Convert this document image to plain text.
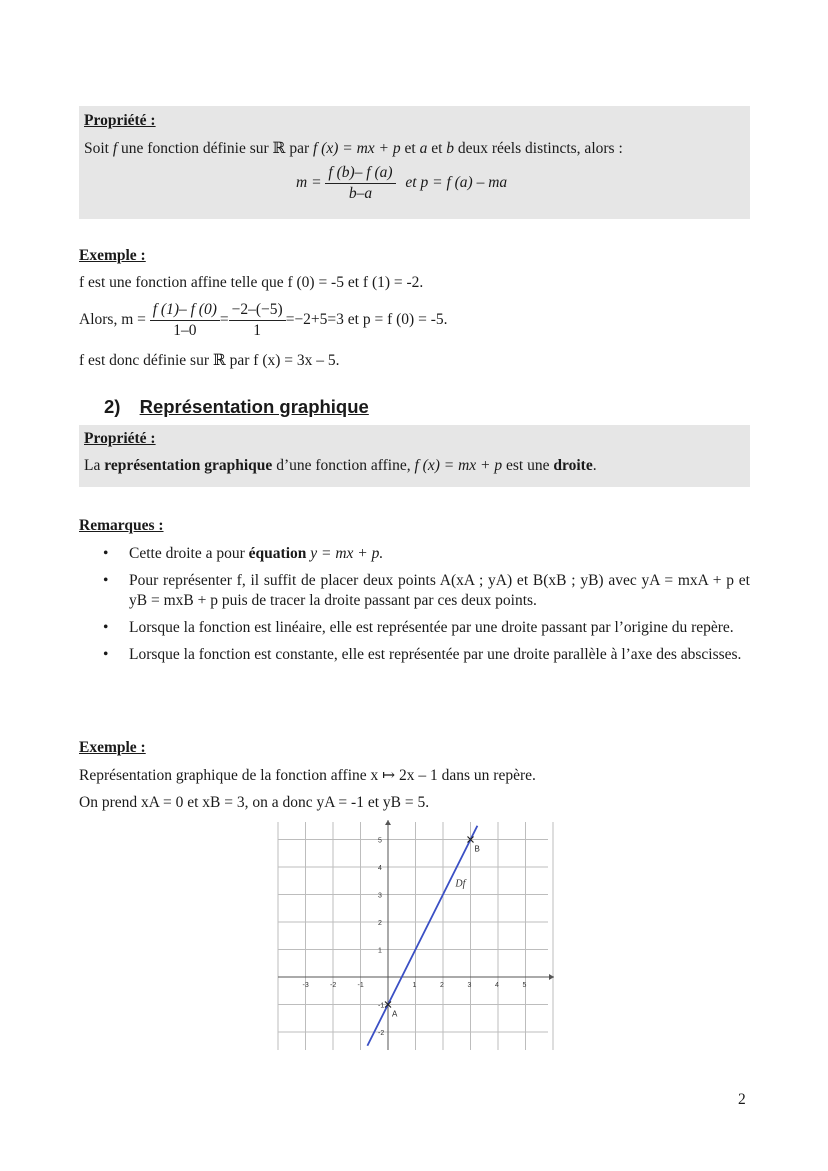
Propriété :
Soit f une fonction définie sur ℝ par f (x) = mx + p et a et b deux réels distincts, alors :
$m = \frac{f (b)- f (a)}{b-a}$ et p = f (a) – ma
Exemple :
f est une fonction affine telle que f (0) = -5 et f (1) = -2.
Alors, $m = \frac{f (1)- f (0)}{1-0} = \frac{-2-(-5)}{1} =-2+5=3$ et p = f (0) = -5.
f est donc définie sur ℝ par f (x) = 3x – 5.
2) Représentation graphique
Propriété :
La représentation graphique d’une fonction affine, f (x) = mx + p est une droite.
Remarques :
• Cette droite a pour équation y = mx + p.
• Pour représenter f, il suffit de placer deux points A(xA ; yA) et B(xB ; yB) avec yA = mxA + p et yB = mxB + p puis de tracer la droite passant par ces deux points.
• Lorsque la fonction est linéaire, elle est représentée par une droite passant par l’origine du repère.
• Lorsque la fonction est constante, elle est représentée par une droite parallèle à l’axe des abscisses.
Exemple :
Représentation graphique de la fonction affine x ↦ 2x – 1 dans un repère.
On prend xA = 0 et xB = 3, on a donc yA = -1 et yB = 5.
-3	-2	-1	1	2	3	4	5
5
4
3
2
1
-1
-2
Df
A
B
2
